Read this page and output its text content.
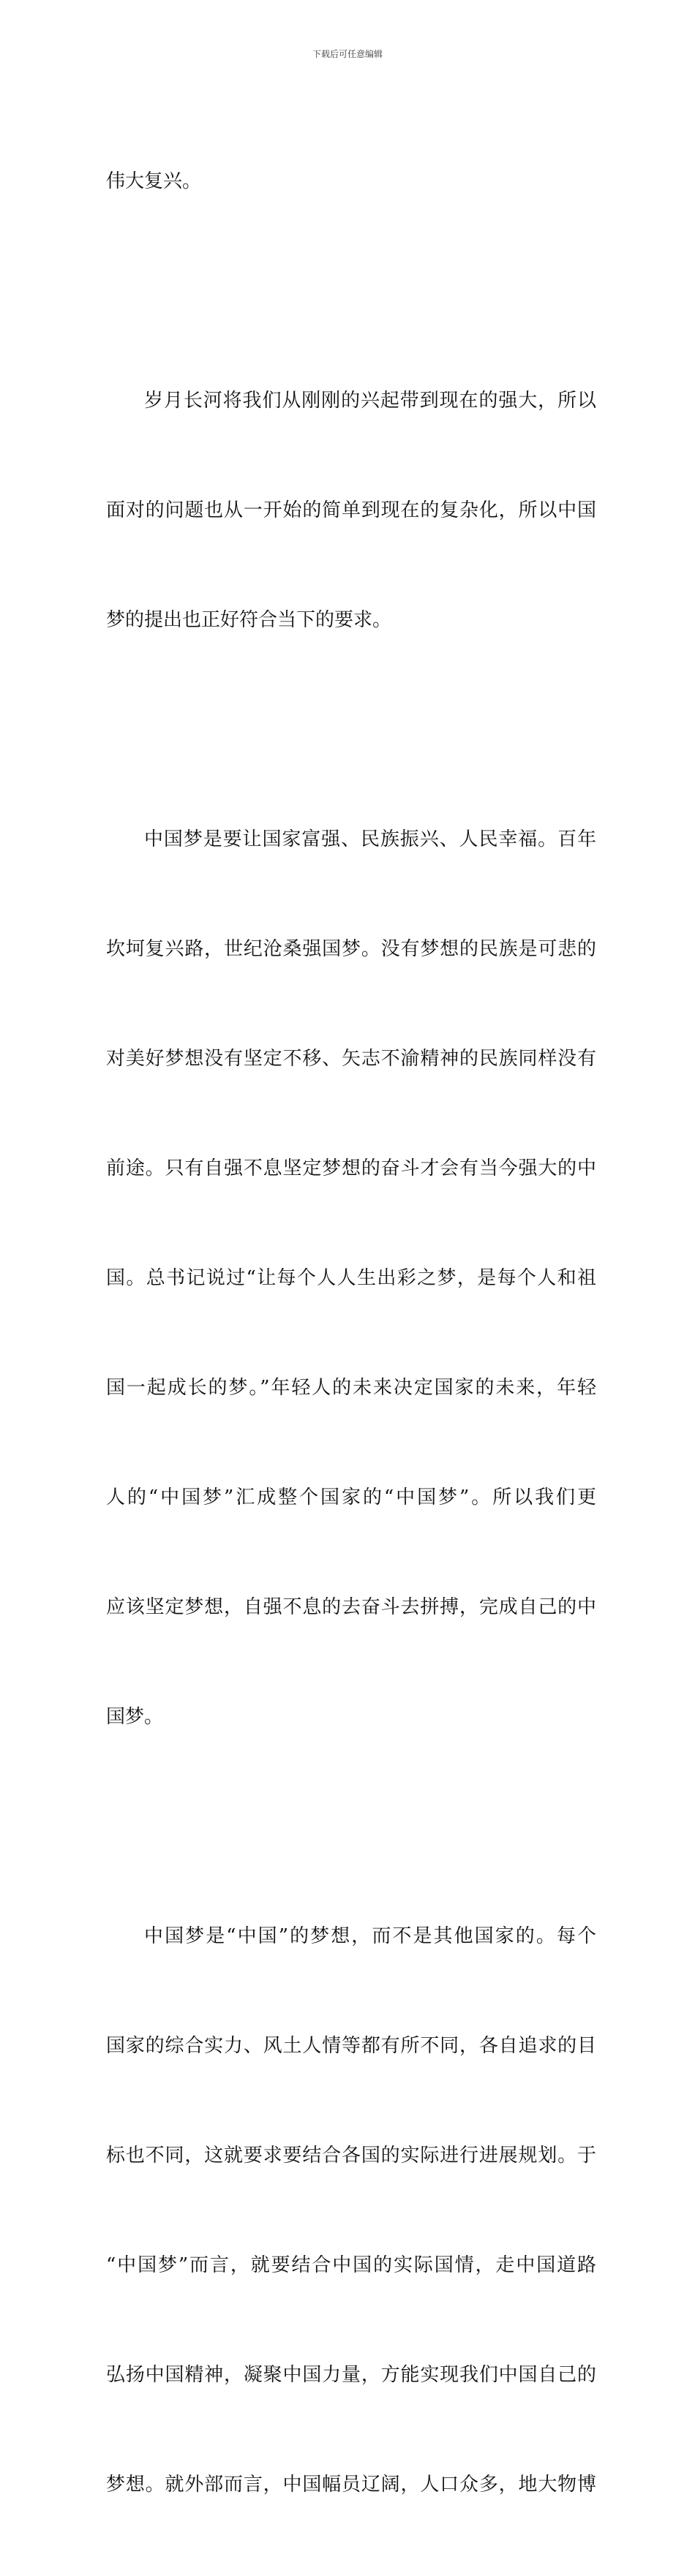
下载后可任意编辑

伟大复兴。

岁月长河将我们从刚刚的兴起带到现在的强大，所以

面对的问题也从一开始的简单到现在的复杂化，所以中国

梦的提出也正好符合当下的要求。

中国梦是要让国家富强、民族振兴、人民幸福。百年

坎坷复兴路，世纪沧桑强国梦。没有梦想的民族是可悲的

对美好梦想没有坚定不移、矢志不渝精神的民族同样没有

前途。只有自强不息坚定梦想的奋斗才会有当今强大的中

国。总书记说过“让每个人人生出彩之梦，是每个人和祖

国一起成长的梦。”年轻人的未来决定国家的未来，年轻

人的“中国梦”汇成整个国家的“中国梦”。所以我们更

应该坚定梦想，自强不息的去奋斗去拼搏，完成自己的中

国梦。

中国梦是“中国”的梦想，而不是其他国家的。每个

国家的综合实力、风土人情等都有所不同，各自追求的目

标也不同，这就要求要结合各国的实际进行进展规划。于

“中国梦”而言，就要结合中国的实际国情，走中国道路

弘扬中国精神，凝聚中国力量，方能实现我们中国自己的

梦想。就外部而言，中国幅员辽阔，人口众多，地大物博
